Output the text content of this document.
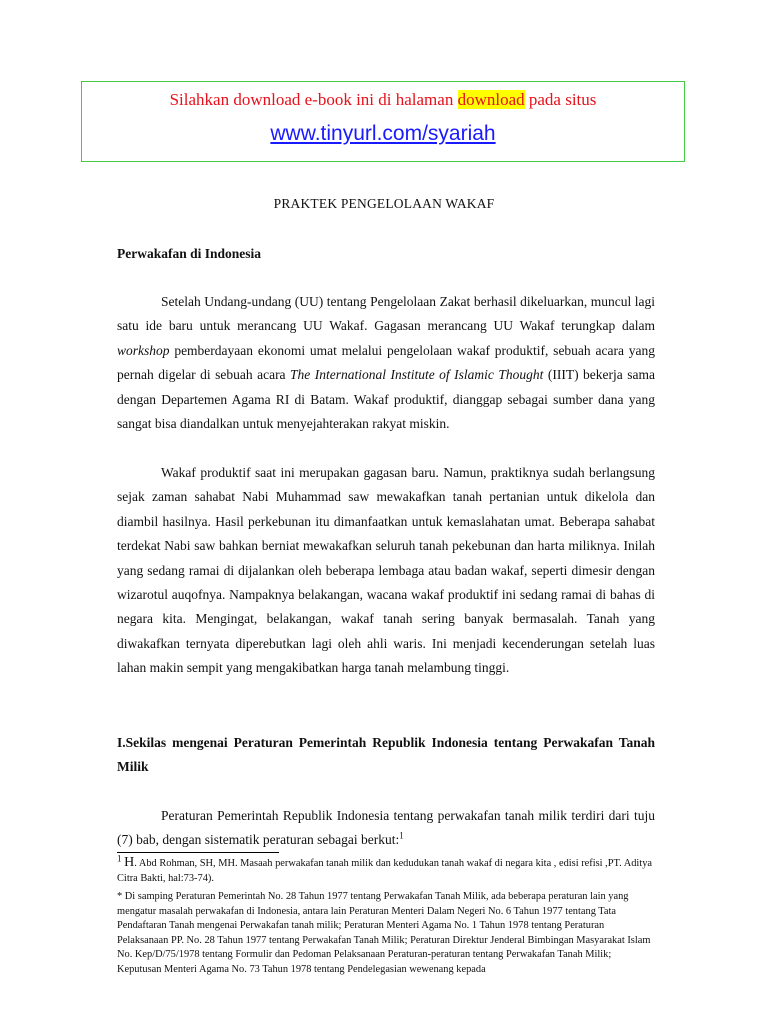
Silahkan download e-book ini di halaman download pada situs
www.tinyurl.com/syariah
PRAKTEK PENGELOLAAN WAKAF
Perwakafan di Indonesia
Setelah Undang-undang (UU) tentang Pengelolaan Zakat berhasil dikeluarkan, muncul lagi satu ide baru untuk merancang UU Wakaf. Gagasan merancang UU Wakaf terungkap dalam workshop pemberdayaan ekonomi umat melalui pengelolaan wakaf produktif, sebuah acara yang pernah digelar di sebuah acara The International Institute of Islamic Thought (IIIT) bekerja sama dengan Departemen Agama RI di Batam. Wakaf produktif, dianggap sebagai sumber dana yang sangat bisa diandalkan untuk menyejahterakan rakyat miskin.
Wakaf produktif saat ini merupakan gagasan baru. Namun, praktiknya sudah berlangsung sejak zaman sahabat Nabi Muhammad saw mewakafkan tanah pertanian untuk dikelola dan diambil hasilnya. Hasil perkebunan itu dimanfaatkan untuk kemaslahatan umat. Beberapa sahabat terdekat Nabi saw bahkan berniat mewakafkan seluruh tanah pekebunan dan harta miliknya. Inilah yang sedang ramai di dijalankan oleh beberapa lembaga atau badan wakaf, seperti dimesir dengan wizarotul auqofnya. Nampaknya belakangan, wacana wakaf produktif ini sedang ramai di bahas di negara kita. Mengingat, belakangan, wakaf tanah sering banyak bermasalah. Tanah yang diwakafkan ternyata diperebutkan lagi oleh ahli waris. Ini menjadi kecenderungan setelah luas lahan makin sempit yang mengakibatkan harga tanah melambung tinggi.
I.Sekilas mengenai Peraturan Pemerintah Republik Indonesia tentang Perwakafan Tanah Milik
Peraturan Pemerintah Republik Indonesia tentang perwakafan tanah milik terdiri dari tuju (7) bab, dengan sistematik peraturan sebagai berkut:$^1$
1 H. Abd Rohman, SH, MH. Masaah perwakafan tanah milik dan kedudukan tanah wakaf di negara kita , edisi refisi ,PT. Aditya Citra Bakti, hal:73-74).
* Di samping Peraturan Pemerintah No. 28 Tahun 1977 tentang Perwakafan Tanah Milik, ada beberapa peraturan lain yang mengatur masalah perwakafan di Indonesia, antara lain Peraturan Menteri Dalam Negeri No. 6 Tahun 1977 tentang Tata Pendaftaran Tanah mengenai Perwakafan tanah milik; Peraturan Menteri Agama No. 1 Tahun 1978 tentang Peraturan Pelaksanaan PP. No. 28 Tahun 1977 tentang Perwakafan Tanah Milik; Peraturan Direktur Jenderal Bimbingan Masyarakat Islam No. Kep/D/75/1978 tentang Formulir dan Pedoman Pelaksanaan Peraturan-peraturan tentang Perwakafan Tanah Milik; Keputusan Menteri Agama No. 73 Tahun 1978 tentang Pendelegasian wewenang kepada
